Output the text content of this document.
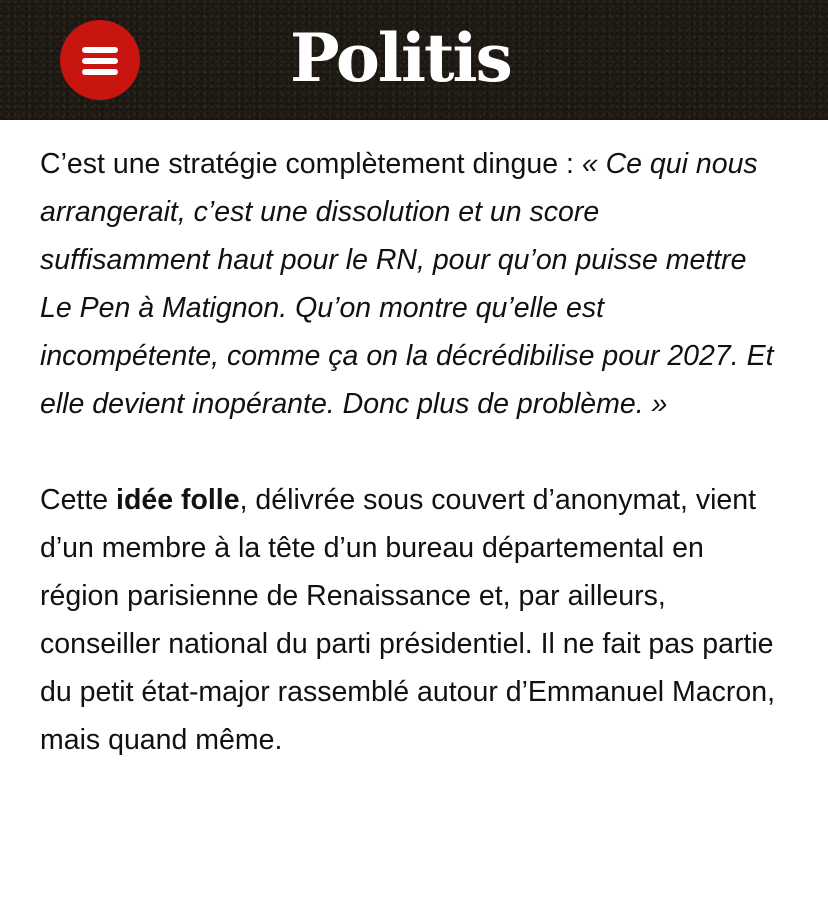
Politis

C’est une stratégie complètement dingue : « Ce qui nous arrangerait, c’est une dissolution et un score suffisamment haut pour le RN, pour qu’on puisse mettre Le Pen à Matignon. Qu’on montre qu’elle est incompétente, comme ça on la décrédibilise pour 2027. Et elle devient inopérante. Donc plus de problème. »

Cette idée folle, délivrée sous couvert d’anonymat, vient d’un membre à la tête d’un bureau départemental en région parisienne de Renaissance et, par ailleurs, conseiller national du parti présidentiel. Il ne fait pas partie du petit état-major rassemblé autour d’Emmanuel Macron, mais quand même.
